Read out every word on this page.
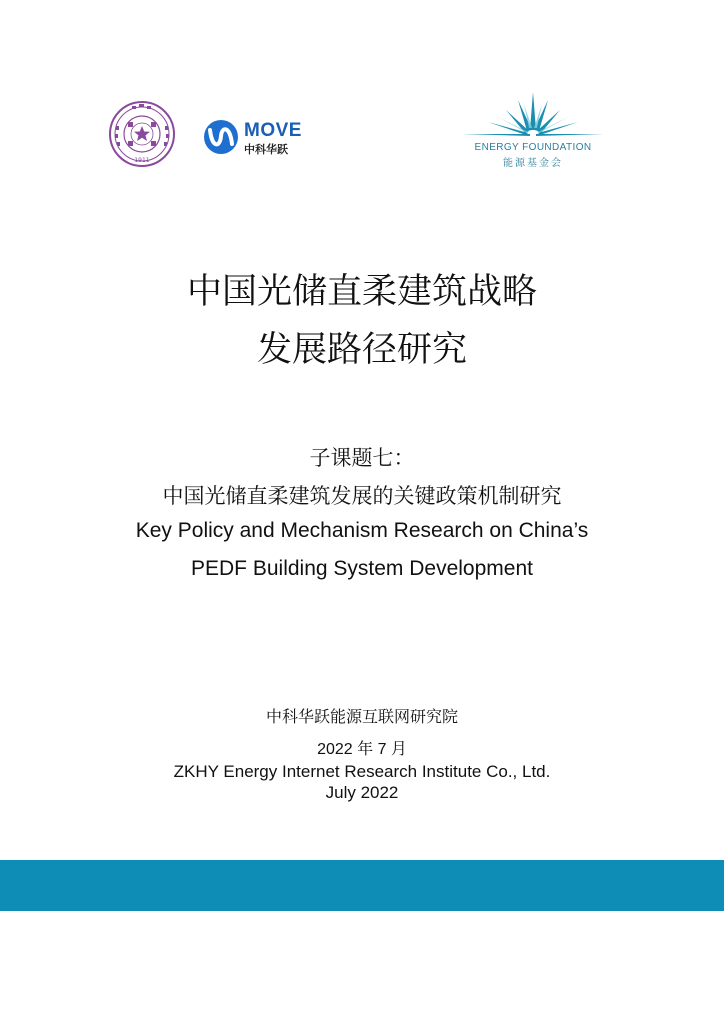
1911
MOVE
中科华跃	ENERGY FOUNDATION
能源基金会
中国光储直柔建筑战略
发展路径研究
子课题七：
中国光储直柔建筑发展的关键政策机制研究
Key Policy and Mechanism Research on China’s
PEDF Building System Development
中科华跃能源互联网研究院
2022 年 7 月
ZKHY Energy Internet Research Institute Co., Ltd.
July 2022
